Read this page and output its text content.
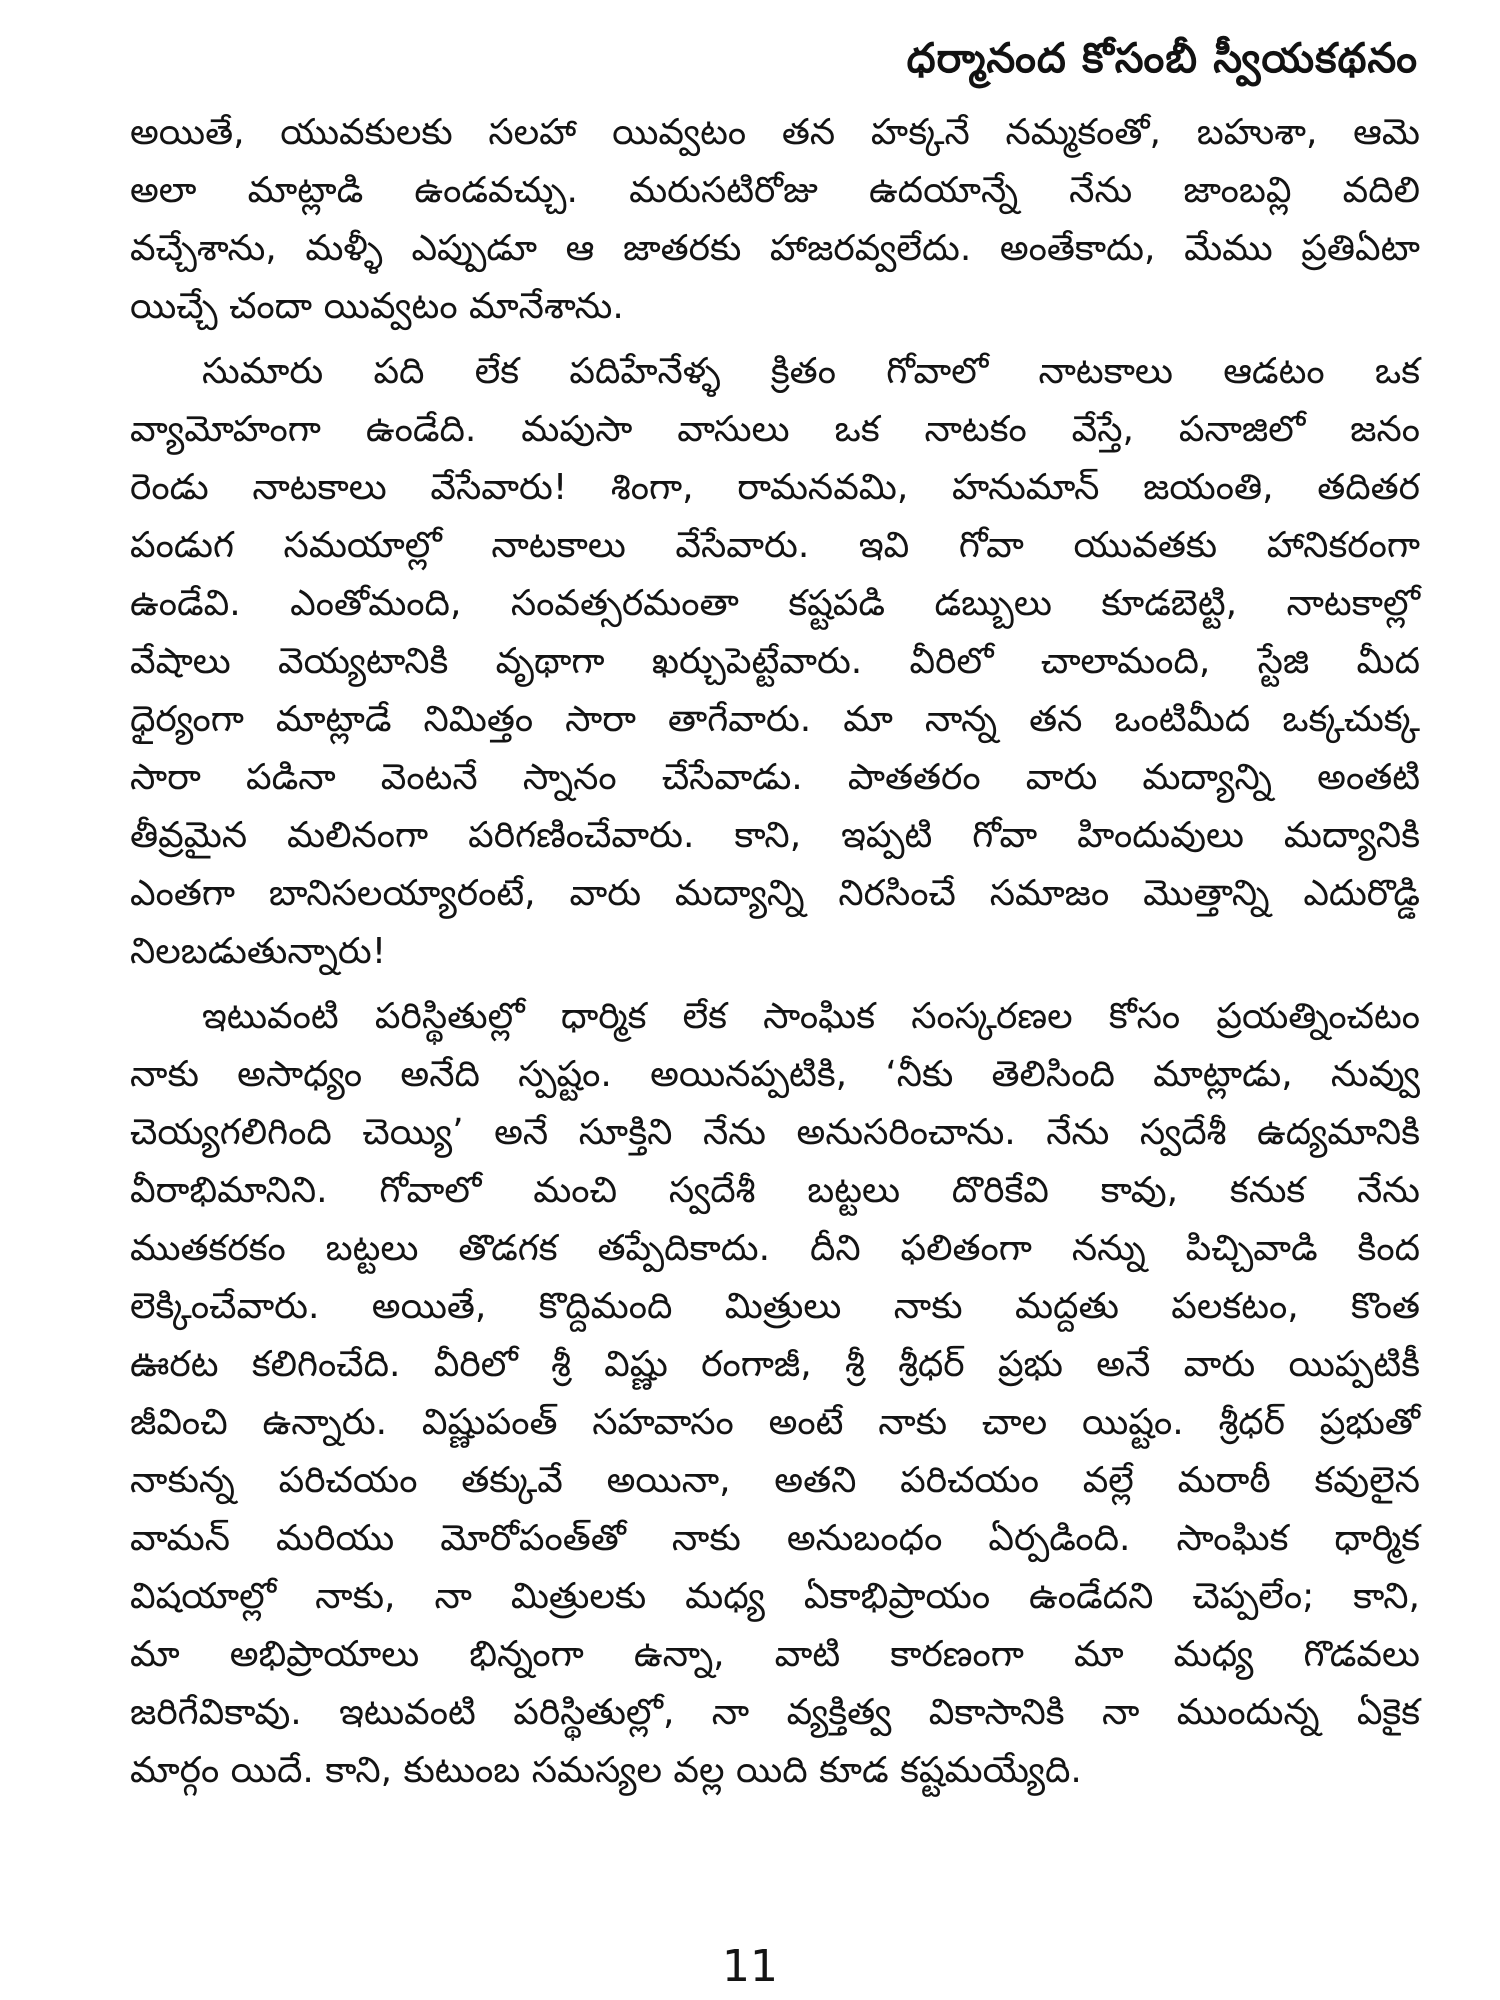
ధర్మానంద కోసంబీ స్వీయకథనం
అయితే, యువకులకు సలహా యివ్వటం తన హక్కనే నమ్మకంతో, బహుశా, ఆమె
అలా మాట్లాడి ఉండవచ్చు. మరుసటిరోజు ఉదయాన్నే నేను జాంబవ్లి వదిలి
వచ్చేశాను, మళ్ళీ ఎప్పుడూ ఆ జాతరకు హాజరవ్వలేదు. అంతేకాదు, మేము ప్రతిఏటా
యిచ్చే చందా యివ్వటం మానేశాను.
సుమారు పది లేక పదిహేనేళ్ళ క్రితం గోవాలో నాటకాలు ఆడటం ఒక
వ్యామోహంగా ఉండేది. మపుసా వాసులు ఒక నాటకం వేస్తే, పనాజిలో జనం
రెండు నాటకాలు వేసేవారు! శింగా, రామనవమి, హనుమాన్ జయంతి, తదితర
పండుగ సమయాల్లో నాటకాలు వేసేవారు. ఇవి గోవా యువతకు హానికరంగా
ఉండేవి. ఎంతోమంది, సంవత్సరమంతా కష్టపడి డబ్బులు కూడబెట్టి, నాటకాల్లో
వేషాలు వెయ్యటానికి వృథాగా ఖర్చుపెట్టేవారు. వీరిలో చాలామంది, స్టేజి మీద
ధైర్యంగా మాట్లాడే నిమిత్తం సారా తాగేవారు. మా నాన్న తన ఒంటిమీద ఒక్కచుక్క
సారా పడినా వెంటనే స్నానం చేసేవాడు. పాతతరం వారు మద్యాన్ని అంతటి
తీవ్రమైన మలినంగా పరిగణించేవారు. కాని, ఇప్పటి గోవా హిందువులు మద్యానికి
ఎంతగా బానిసలయ్యారంటే, వారు మద్యాన్ని నిరసించే సమాజం మొత్తాన్ని ఎదురొడ్డి
నిలబడుతున్నారు!
ఇటువంటి పరిస్థితుల్లో ధార్మిక లేక సాంఘిక సంస్కరణల కోసం ప్రయత్నించటం
నాకు అసాధ్యం అనేది స్పష్టం. అయినప్పటికి, ‘నీకు తెలిసింది మాట్లాడు, నువ్వు
చెయ్యగలిగింది చెయ్యి’ అనే సూక్తిని నేను అనుసరించాను. నేను స్వదేశీ ఉద్యమానికి
వీరాభిమానిని. గోవాలో మంచి స్వదేశీ బట్టలు దొరికేవి కావు, కనుక నేను
ముతకరకం బట్టలు తొడగక తప్పేదికాదు. దీని ఫలితంగా నన్ను పిచ్చివాడి కింద
లెక్కించేవారు. అయితే, కొద్దిమంది మిత్రులు నాకు మద్దతు పలకటం, కొంత
ఊరట కలిగించేది. వీరిలో శ్రీ విష్ణు రంగాజీ, శ్రీ శ్రీధర్ ప్రభు అనే వారు యిప్పటికీ
జీవించి ఉన్నారు. విష్ణుపంత్ సహవాసం అంటే నాకు చాల యిష్టం. శ్రీధర్ ప్రభుతో
నాకున్న పరిచయం తక్కువే అయినా, అతని పరిచయం వల్లే మరాఠీ కవులైన
వామన్ మరియు మోరోపంత్‌తో నాకు అనుబంధం ఏర్పడింది. సాంఘిక ధార్మిక
విషయాల్లో నాకు, నా మిత్రులకు మధ్య ఏకాభిప్రాయం ఉండేదని చెప్పలేం; కాని,
మా అభిప్రాయాలు భిన్నంగా ఉన్నా, వాటి కారణంగా మా మధ్య గొడవలు
జరిగేవికావు. ఇటువంటి పరిస్థితుల్లో, నా వ్యక్తిత్వ వికాసానికి నా ముందున్న ఏకైక
మార్గం యిదే. కాని, కుటుంబ సమస్యల వల్ల యిది కూడ కష్టమయ్యేది.
11
